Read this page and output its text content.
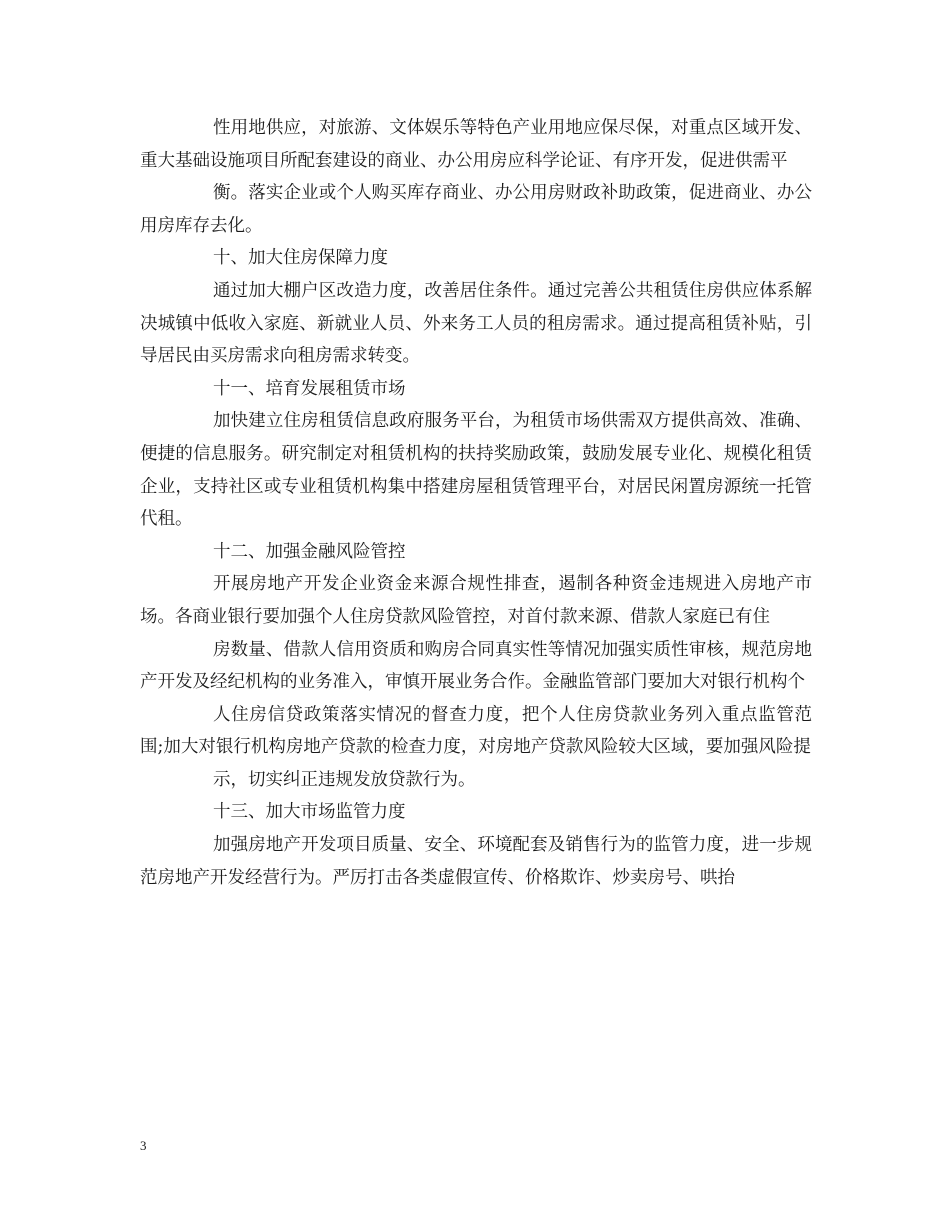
性用地供应，对旅游、文体娱乐等特色产业用地应保尽保，对重点区域开发、重大基础设施项目所配套建设的商业、办公用房应科学论证、有序开发，促进供需平

衡。落实企业或个人购买库存商业、办公用房财政补助政策，促进商业、办公用房库存去化。

十、加大住房保障力度

通过加大棚户区改造力度，改善居住条件。通过完善公共租赁住房供应体系解决城镇中低收入家庭、新就业人员、外来务工人员的租房需求。通过提高租赁补贴，引导居民由买房需求向租房需求转变。

十一、培育发展租赁市场

加快建立住房租赁信息政府服务平台，为租赁市场供需双方提供高效、准确、便捷的信息服务。研究制定对租赁机构的扶持奖励政策，鼓励发展专业化、规模化租赁企业，支持社区或专业租赁机构集中搭建房屋租赁管理平台，对居民闲置房源统一托管代租。

十二、加强金融风险管控

开展房地产开发企业资金来源合规性排查，遏制各种资金违规进入房地产市场。各商业银行要加强个人住房贷款风险管控，对首付款来源、借款人家庭已有住

房数量、借款人信用资质和购房合同真实性等情况加强实质性审核，规范房地产开发及经纪机构的业务准入，审慎开展业务合作。金融监管部门要加大对银行机构个

人住房信贷政策落实情况的督查力度，把个人住房贷款业务列入重点监管范围;加大对银行机构房地产贷款的检查力度，对房地产贷款风险较大区域，要加强风险提

示，切实纠正违规发放贷款行为。

十三、加大市场监管力度

加强房地产开发项目质量、安全、环境配套及销售行为的监管力度，进一步规范房地产开发经营行为。严厉打击各类虚假宣传、价格欺诈、炒卖房号、哄抬

3
